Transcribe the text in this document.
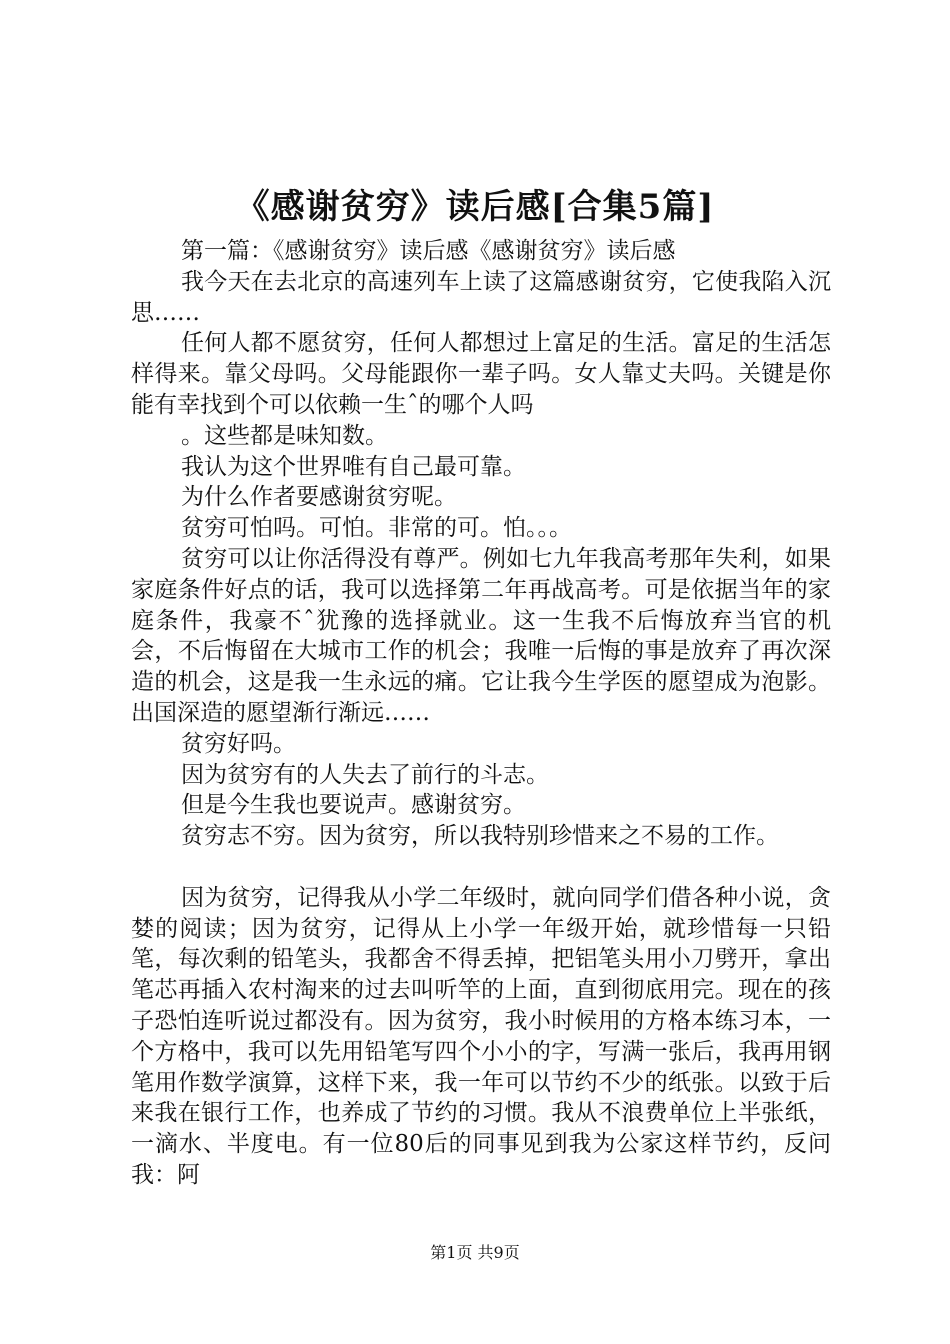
《感谢贫穷》读后感[合集5篇]

第一篇：《感谢贫穷》读后感《感谢贫穷》读后感

我今天在去北京的高速列车上读了这篇感谢贫穷，它使我陷入沉思……

任何人都不愿贫穷，任何人都想过上富足的生活。富足的生活怎样得来。靠父母吗。父母能跟你一辈子吗。女人靠丈夫吗。关键是你能有幸找到个可以依赖一生ˆ的哪个人吗

。这些都是味知数。

我认为这个世界唯有自己最可靠。

为什么作者要感谢贫穷呢。

贫穷可怕吗。可怕。非常的可。怕。。。

贫穷可以让你活得没有尊严。例如七九年我高考那年失利，如果家庭条件好点的话，我可以选择第二年再战高考。可是依据当年的家庭条件，我豪不ˆ犹豫的选择就业。这一生我不后悔放弃当官的机会，不后悔留在大城市工作的机会；我唯一后悔的事是放弃了再次深造的机会，这是我一生永远的痛。它让我今生学医的愿望成为泡影。出国深造的愿望渐行渐远……

贫穷好吗。

因为贫穷有的人失去了前行的斗志。

但是今生我也要说声。感谢贫穷。

贫穷志不穷。因为贫穷，所以我特别珍惜来之不易的工作。

因为贫穷，记得我从小学二年级时，就向同学们借各种小说，贪婪的阅读；因为贫穷，记得从上小学一年级开始，就珍惜每一只铅笔，每次剩的铅笔头，我都舍不得丢掉，把铝笔头用小刀劈开，拿出笔芯再插入农村淘来的过去叫听竿的上面，直到彻底用完。现在的孩子恐怕连听说过都没有。因为贫穷，我小时候用的方格本练习本，一个方格中，我可以先用铅笔写四个小小的字，写满一张后，我再用钢笔用作数学演算，这样下来，我一年可以节约不少的纸张。以致于后来我在银行工作，也养成了节约的习惯。我从不浪费单位上半张纸，一滴水、半度电。有一位80后的同事见到我为公家这样节约，反问我：阿

第1页 共9页
